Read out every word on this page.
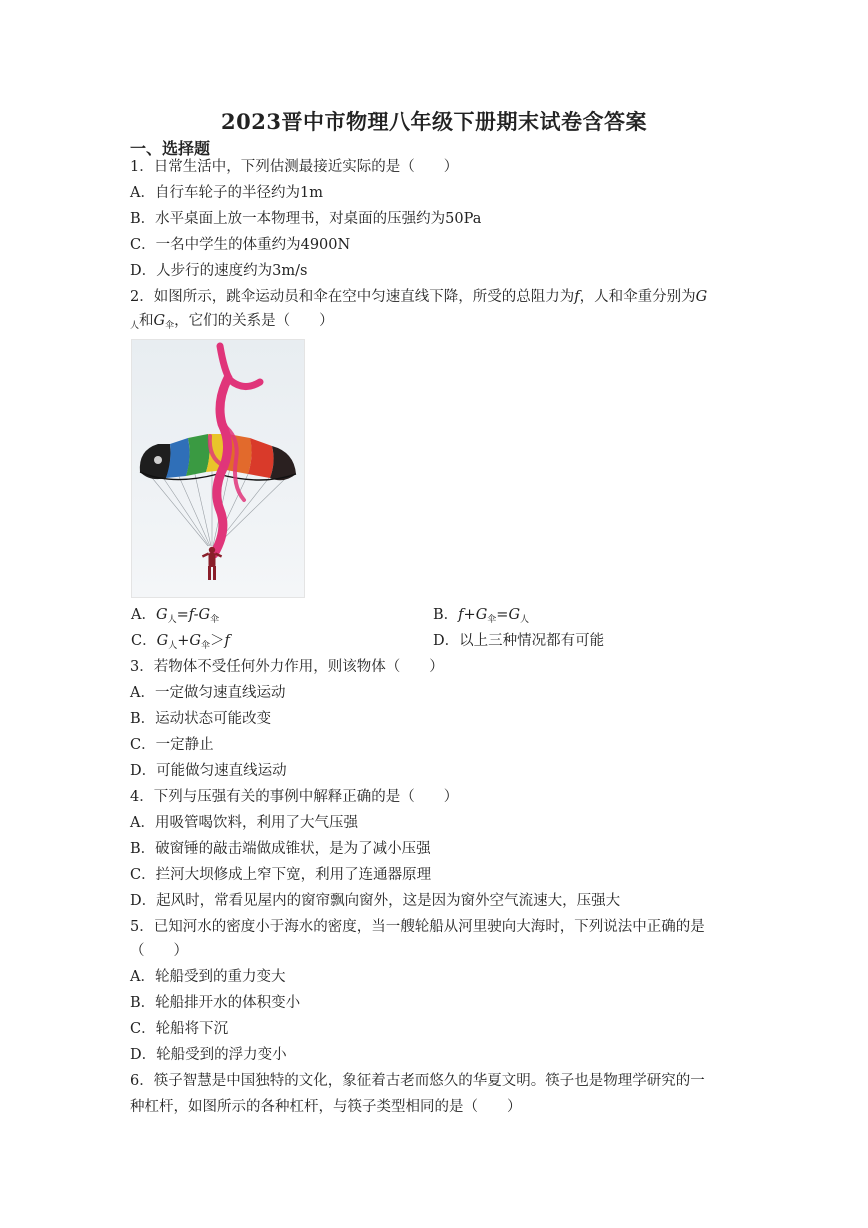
2023晋中市物理八年级下册期末试卷含答案
一、选择题
1．日常生活中，下列估测最接近实际的是（　　）
A．自行车轮子的半径约为1m
B．水平桌面上放一本物理书，对桌面的压强约为50Pa
C．一名中学生的体重约为4900N
D．人步行的速度约为3m/s
2．如图所示，跳伞运动员和伞在空中匀速直线下降，所受的总阻力为f，人和伞重分别为G
$_人$和$G_伞$，它们的关系是（　　）
A．$G_人=f-G_伞$	B．$f+G_伞=G_人$
C．$G_人+G_伞>f$	D．以上三种情况都有可能
3．若物体不受任何外力作用，则该物体（　　）
A．一定做匀速直线运动
B．运动状态可能改变
C．一定静止
D．可能做匀速直线运动
4．下列与压强有关的事例中解释正确的是（　　）
A．用吸管喝饮料，利用了大气压强
B．破窗锤的敲击端做成锥状，是为了减小压强
C．拦河大坝修成上窄下宽，利用了连通器原理
D．起风时，常看见屋内的窗帘飘向窗外，这是因为窗外空气流速大，压强大
5．已知河水的密度小于海水的密度，当一艘轮船从河里驶向大海时，下列说法中正确的是
（　　）
A．轮船受到的重力变大
B．轮船排开水的体积变小
C．轮船将下沉
D．轮船受到的浮力变小
6．筷子智慧是中国独特的文化，象征着古老而悠久的华夏文明。筷子也是物理学研究的一
种杠杆，如图所示的各种杠杆，与筷子类型相同的是（　　）
